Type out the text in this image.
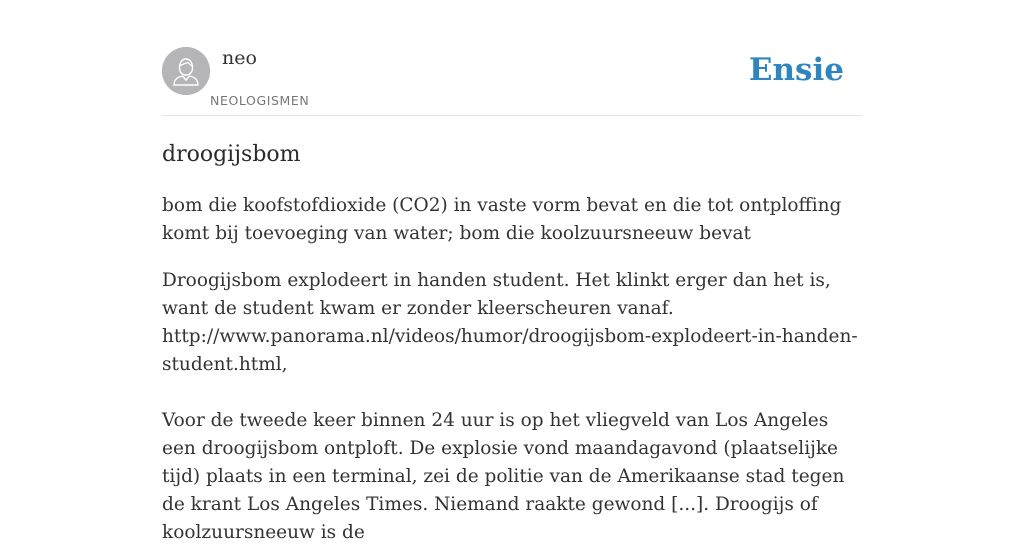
neo
NEOLOGISMEN
Ensie
droogijsbom
bom die koofstofdioxide (CO2) in vaste vorm bevat en die tot ontploffing komt bij toevoeging van water; bom die koolzuursneeuw bevat

Droogijsbom explodeert in handen student. Het klinkt erger dan het is, want de student kwam er zonder kleerscheuren vanaf.

http://www.panorama.nl/videos/humor/droogijsbom-explodeert-in-handen-student.html,

Voor de tweede keer binnen 24 uur is op het vliegveld van Los Angeles een droogijsbom ontploft. De explosie vond maandagavond (plaatselijke tijd) plaats in een terminal, zei de politie van de Amerikaanse stad tegen de krant Los Angeles Times. Niemand raakte gewond [...]. Droogijs of koolzuursneeuw is de
